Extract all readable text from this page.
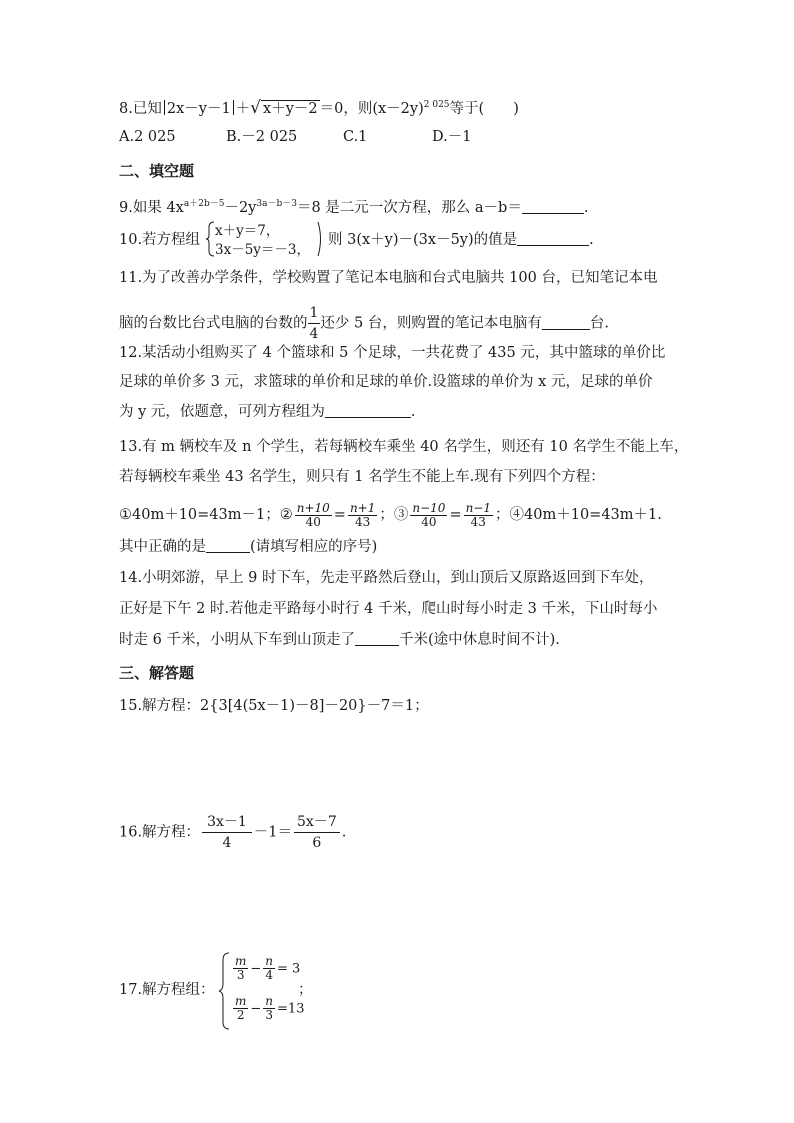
8.已知 2x－y－1 ＋√ x＋y－2 ＝0，则$(x-2y)^{2 025}$等于(　　)
A.2 025	B.－2 025	C.1	D.－1
二、填空题
9.如果 $4x^{a+2b-5}-2y^{3a-b-3}=8$ 是二元一次方程，那么 a－b＝	.
10.若方程组
x＋y＝7，
3x－5y＝－3，
则 3(x＋y)－(3x－5y)的值是	.
11.为了改善办学条件，学校购置了笔记本电脑和台式电脑共 100 台，已知笔记本电
脑的台数比台式电脑的台数的 $\frac{1}{4}$ 还少 5 台，则购置的笔记本电脑有	台.
12.某活动小组购买了 4 个篮球和 5 个足球，一共花费了 435 元，其中篮球的单价比
足球的单价多 3 元，求篮球的单价和足球的单价.设篮球的单价为 x 元，足球的单价
为 y 元，依题意，可列方程组为	.
13.有 m 辆校车及 n 个学生，若每辆校车乘坐 40 名学生，则还有 10 名学生不能上车，
若每辆校车乘坐 43 名学生，则只有 1 名学生不能上车.现有下列四个方程：
①40m＋10=43m－1；② $\frac{n+10}{40} = \frac{n+1}{43}$ ；③ $\frac{n-10}{40} = \frac{n-1}{43}$ ；④40m＋10=43m＋1.
其中正确的是	(请填写相应的序号)
14.小明郊游，早上 9 时下车，先走平路然后登山，到山顶后又原路返回到下车处，
正好是下午 2 时.若他走平路每小时行 4 千米，爬山时每小时走 3 千米，下山时每小
时走 6 千米，小明从下车到山顶走了	千米(途中休息时间不计).
三、解答题
15.解方程：2{3[4(5x－1)－8]－20}－7＝1；
16.解方程： $\frac{3x-1}{4} -1= \frac{5x-7}{6}$ .
17.解方程组：
$\frac{m}{3} - \frac{n}{4} = 3$
$\frac{m}{2} - \frac{n}{3} =13$
；
